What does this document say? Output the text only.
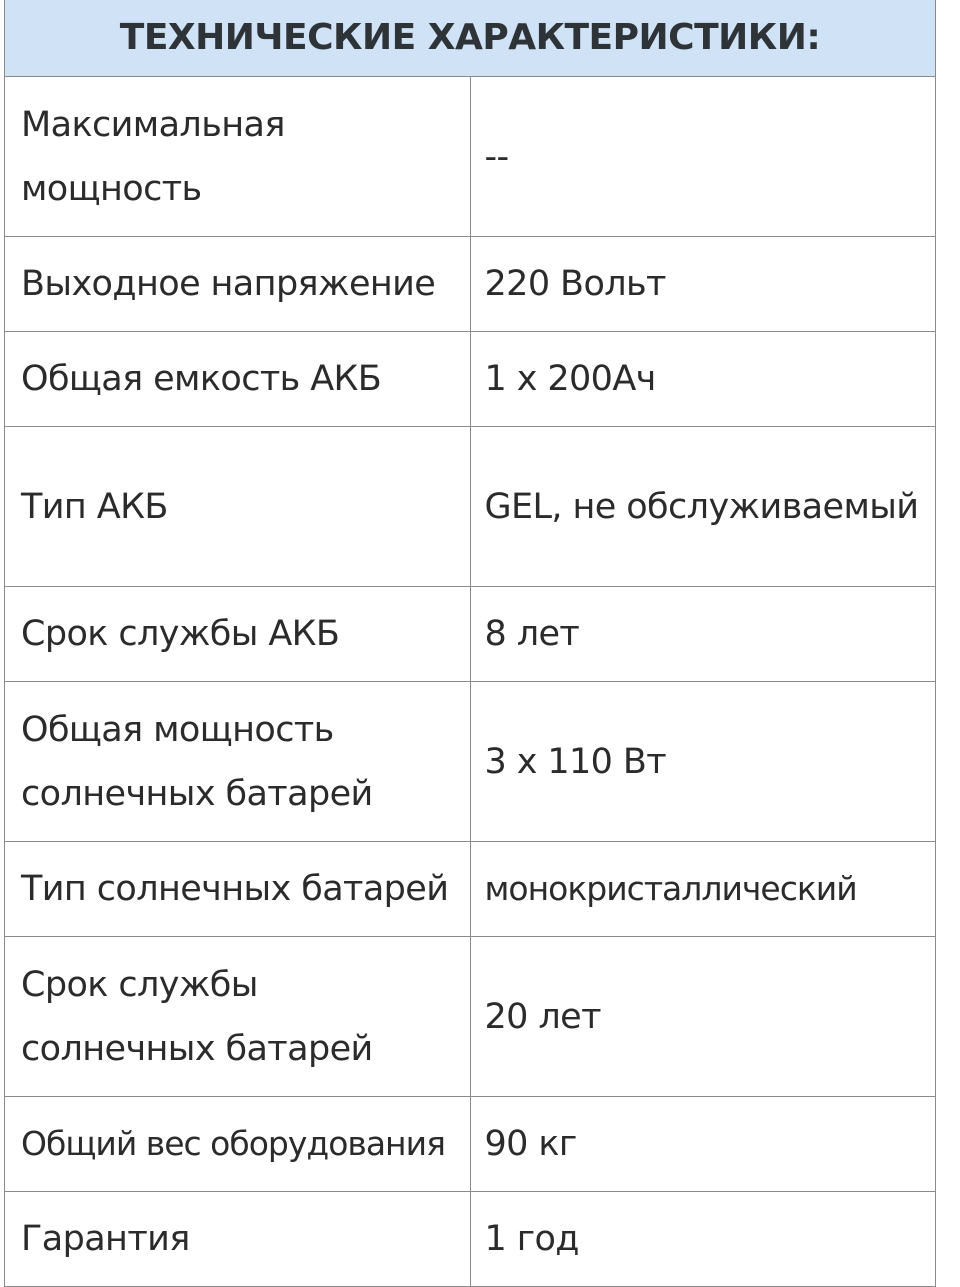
ТЕХНИЧЕСКИЕ ХАРАКТЕРИСТИКИ:	
Максимальная мощность	--
Выходное напряжение	220 Вольт
Общая емкость АКБ	1 х 200Ач
Тип АКБ	GEL, не обслуживаемый
Срок службы АКБ	8 лет
Общая мощность солнечных батарей	3 х 110 Вт
Тип солнечных батарей	монокристаллический
Срок службы солнечных батарей	20 лет
Общий вес оборудования	90 кг
Гарантия	1 год
